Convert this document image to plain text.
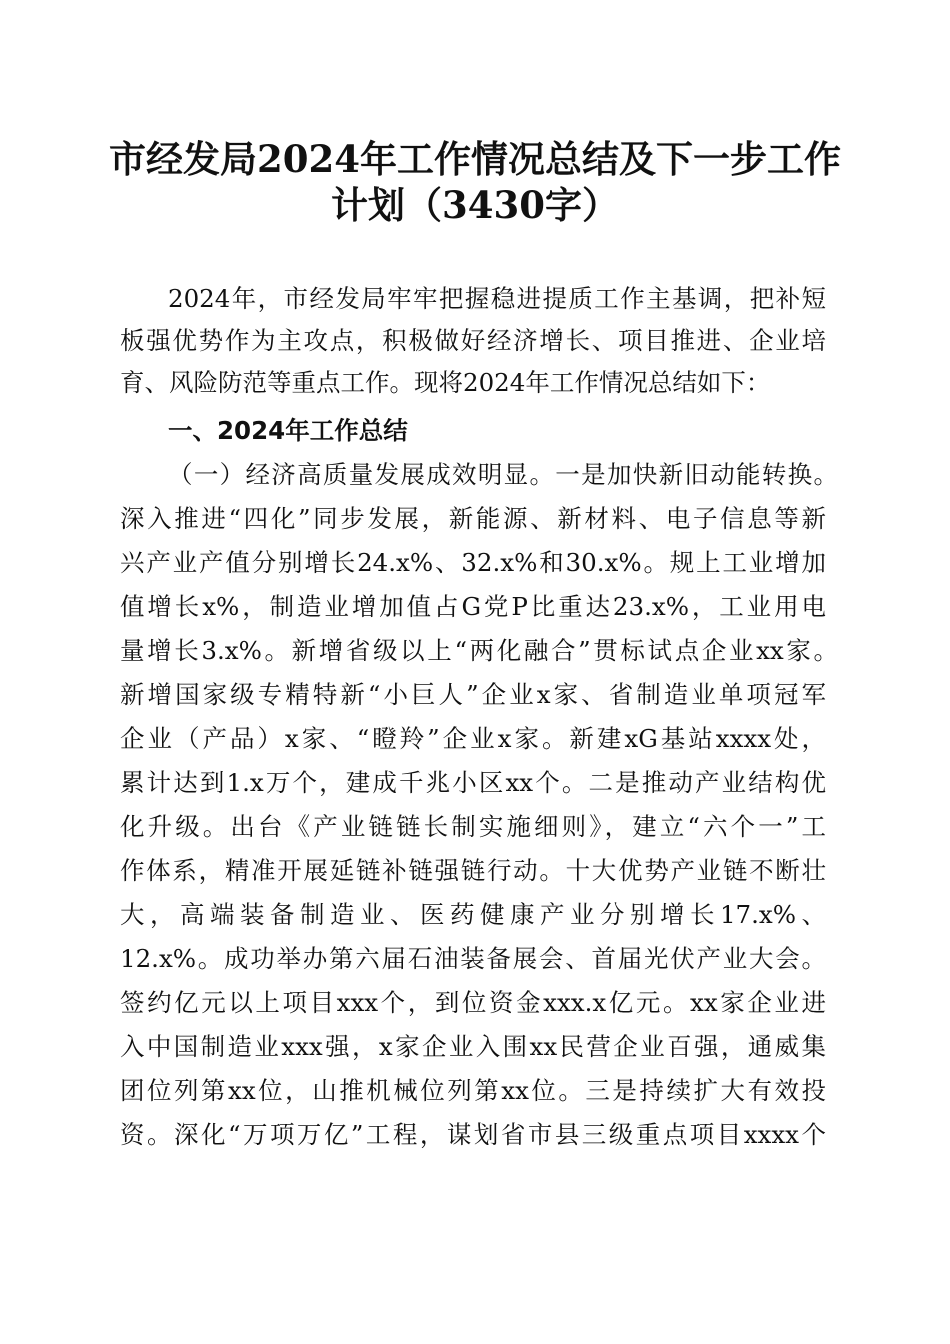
市经发局2024年工作情况总结及下一步工作
计划（3430字）
2024年，市经发局牢牢把握稳进提质工作主基调，把补短
板强优势作为主攻点，积极做好经济增长、项目推进、企业培
育、风险防范等重点工作。现将2024年工作情况总结如下：
一、2024年工作总结
（一）经济高质量发展成效明显。一是加快新旧动能转换。
深入推进“四化”同步发展，新能源、新材料、电子信息等新
兴产业产值分别增长24.x%、32.x%和30.x%。规上工业增加
值增长x%，制造业增加值占G党P比重达23.x%，工业用电
量增长3.x%。新增省级以上“两化融合”贯标试点企业xx家。
新增国家级专精特新“小巨人”企业x家、省制造业单项冠军
企业（产品）x家、“瞪羚”企业x家。新建xG基站xxxx处，
累计达到1.x万个，建成千兆小区xx个。二是推动产业结构优
化升级。出台《产业链链长制实施细则》，建立“六个一”工
作体系，精准开展延链补链强链行动。十大优势产业链不断壮
大，高端装备制造业、医药健康产业分别增长17.x%、
12.x%。成功举办第六届石油装备展会、首届光伏产业大会。
签约亿元以上项目xxx个，到位资金xxx.x亿元。xx家企业进
入中国制造业xxx强，x家企业入围xx民营企业百强，通威集
团位列第xx位，山推机械位列第xx位。三是持续扩大有效投
资。深化“万项万亿”工程，谋划省市县三级重点项目xxxx个
